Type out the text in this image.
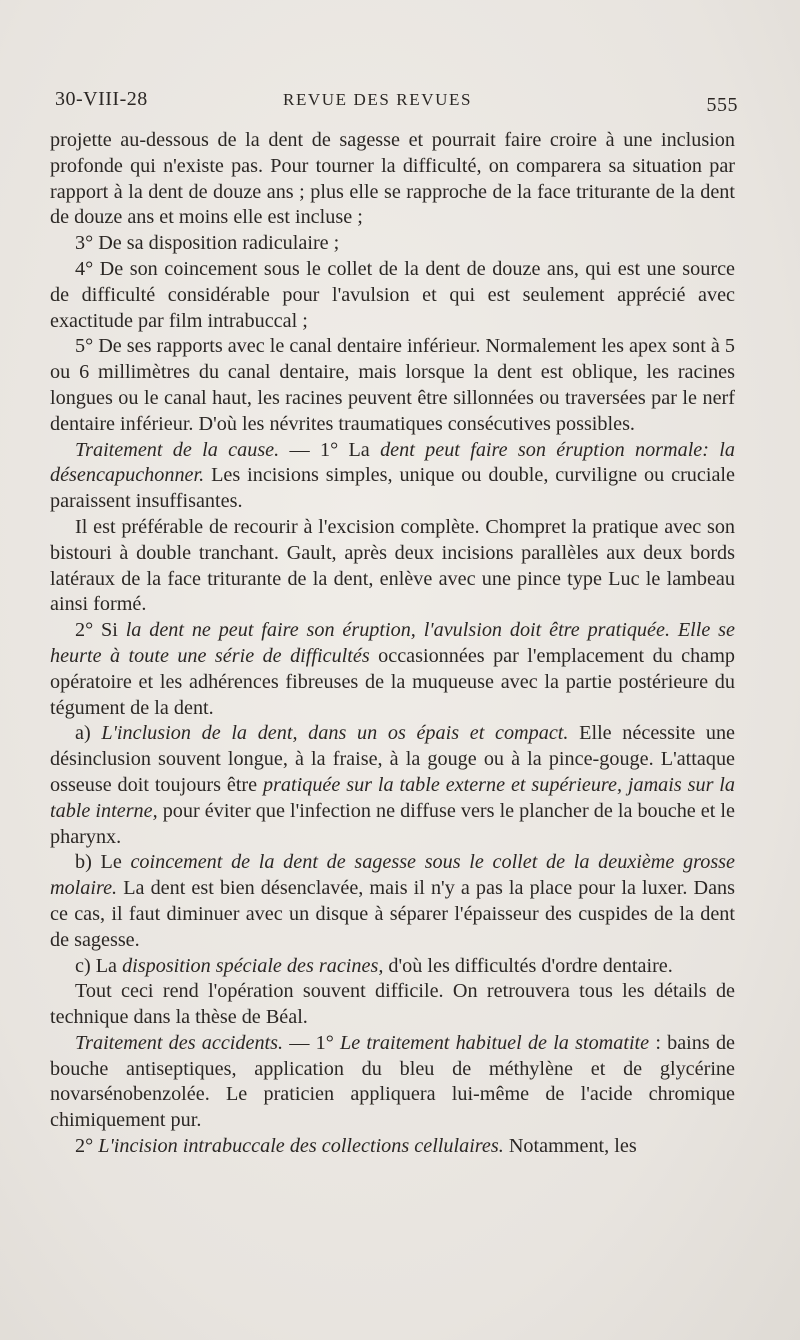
30-VIII-28	REVUE DES REVUES	555

projette au-dessous de la dent de sagesse et pourrait faire croire à une inclusion profonde qui n'existe pas. Pour tourner la difficulté, on comparera sa situation par rapport à la dent de douze ans ; plus elle se rapproche de la face triturante de la dent de douze ans et moins elle est incluse ;

3° De sa disposition radiculaire ;

4° De son coincement sous le collet de la dent de douze ans, qui est une source de difficulté considérable pour l'avulsion et qui est seulement apprécié avec exactitude par film intrabuccal ;

5° De ses rapports avec le canal dentaire inférieur. Normalement les apex sont à 5 ou 6 millimètres du canal dentaire, mais lorsque la dent est oblique, les racines longues ou le canal haut, les racines peuvent être sillonnées ou traversées par le nerf dentaire inférieur. D'où les névrites traumatiques consécutives possibles.

Traitement de la cause. — 1° La dent peut faire son éruption normale: la désencapuchonner. Les incisions simples, unique ou double, curviligne ou cruciale paraissent insuffisantes.

Il est préférable de recourir à l'excision complète. Chompret la pratique avec son bistouri à double tranchant. Gault, après deux incisions parallèles aux deux bords latéraux de la face triturante de la dent, enlève avec une pince type Luc le lambeau ainsi formé.

2° Si la dent ne peut faire son éruption, l'avulsion doit être pratiquée. Elle se heurte à toute une série de difficultés occasionnées par l'emplacement du champ opératoire et les adhérences fibreuses de la muqueuse avec la partie postérieure du tégument de la dent.

a) L'inclusion de la dent, dans un os épais et compact. Elle nécessite une désinclusion souvent longue, à la fraise, à la gouge ou à la pince-gouge. L'attaque osseuse doit toujours être pratiquée sur la table externe et supérieure, jamais sur la table interne, pour éviter que l'infection ne diffuse vers le plancher de la bouche et le pharynx.

b) Le coincement de la dent de sagesse sous le collet de la deuxième grosse molaire. La dent est bien désenclavée, mais il n'y a pas la place pour la luxer. Dans ce cas, il faut diminuer avec un disque à séparer l'épaisseur des cuspides de la dent de sagesse.

c) La disposition spéciale des racines, d'où les difficultés d'ordre dentaire.

Tout ceci rend l'opération souvent difficile. On retrouvera tous les détails de technique dans la thèse de Béal.

Traitement des accidents. — 1° Le traitement habituel de la stomatite : bains de bouche antiseptiques, application du bleu de méthylène et de glycérine novarsénobenzolée. Le praticien appliquera lui-même de l'acide chromique chimiquement pur.

2° L'incision intrabuccale des collections cellulaires. Notamment, les
